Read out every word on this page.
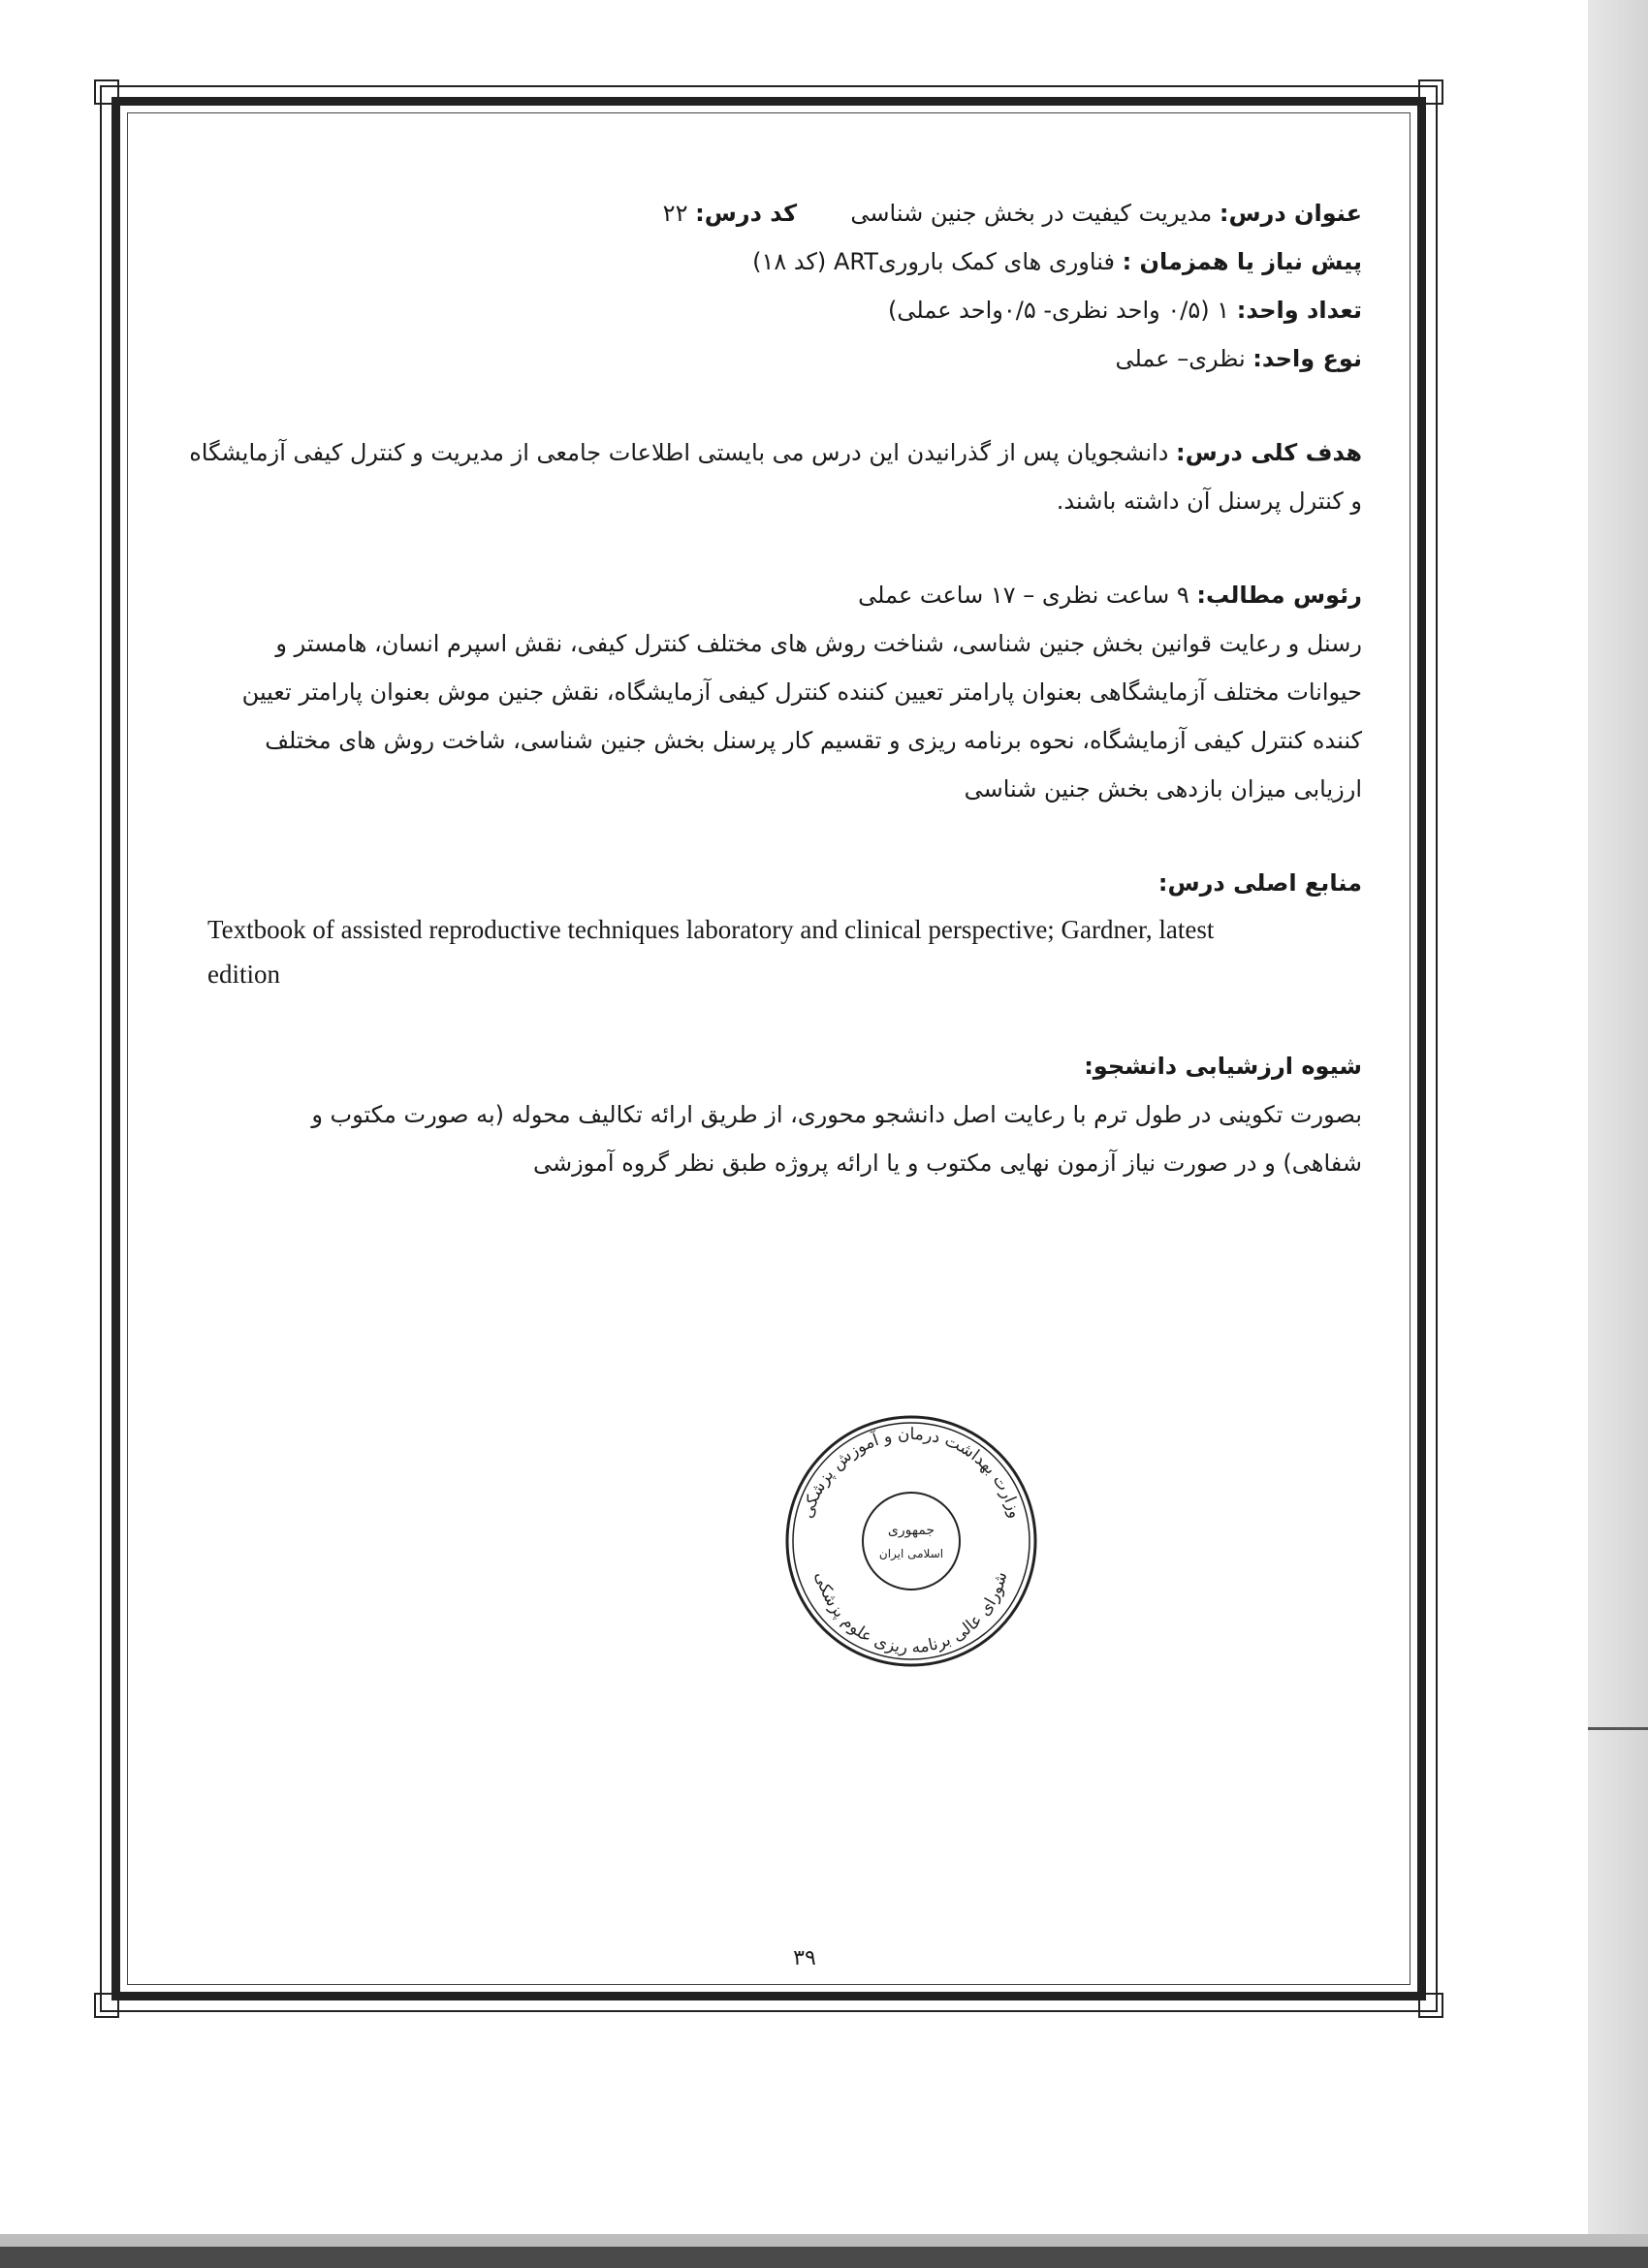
عنوان درس: مدیریت کیفیت در بخش جنین شناسی  کد درس: ۲۲
پیش نیاز یا همزمان : فناوری های کمک باروریART (کد ۱۸)
تعداد واحد: ۱ (۰/۵ واحد نظری- ۰/۵واحد عملی)
نوع واحد: نظری– عملی
هدف کلی درس: دانشجویان پس از گذرانیدن این درس می بایستی اطلاعات جامعی از مدیریت و کنترل کیفی آزمایشگاه
و کنترل پرسنل آن داشته باشند.
رئوس مطالب: ۹ ساعت نظری – ۱۷ ساعت عملی
رسنل و رعایت قوانین بخش جنین شناسی، شناخت روش های مختلف کنترل کیفی، نقش اسپرم انسان، هامستر و
حیوانات مختلف آزمایشگاهی بعنوان پارامتر تعیین کننده کنترل کیفی آزمایشگاه، نقش جنین موش بعنوان پارامتر تعیین
کننده کنترل کیفی آزمایشگاه، نحوه برنامه ریزی و تقسیم کار پرسنل بخش جنین شناسی، شاخت روش های مختلف
ارزیابی میزان بازدهی بخش جنین شناسی
منابع اصلی درس:
Textbook of assisted reproductive techniques laboratory and clinical perspective; Gardner, latest
edition
شیوه ارزشیابی دانشجو:
بصورت تکوینی در طول ترم با رعایت اصل دانشجو محوری، از طریق ارائه تکالیف محوله (به صورت مکتوب و
شفاهی) و در صورت نیاز آزمون نهایی مکتوب و یا ارائه پروژه طبق نظر گروه آموزشی
وزارت بهداشت درمان و آموزش پزشکی
شورای عالی برنامه ریزی علوم پزشکی
جمهوری
اسلامی ایران
۳۹
